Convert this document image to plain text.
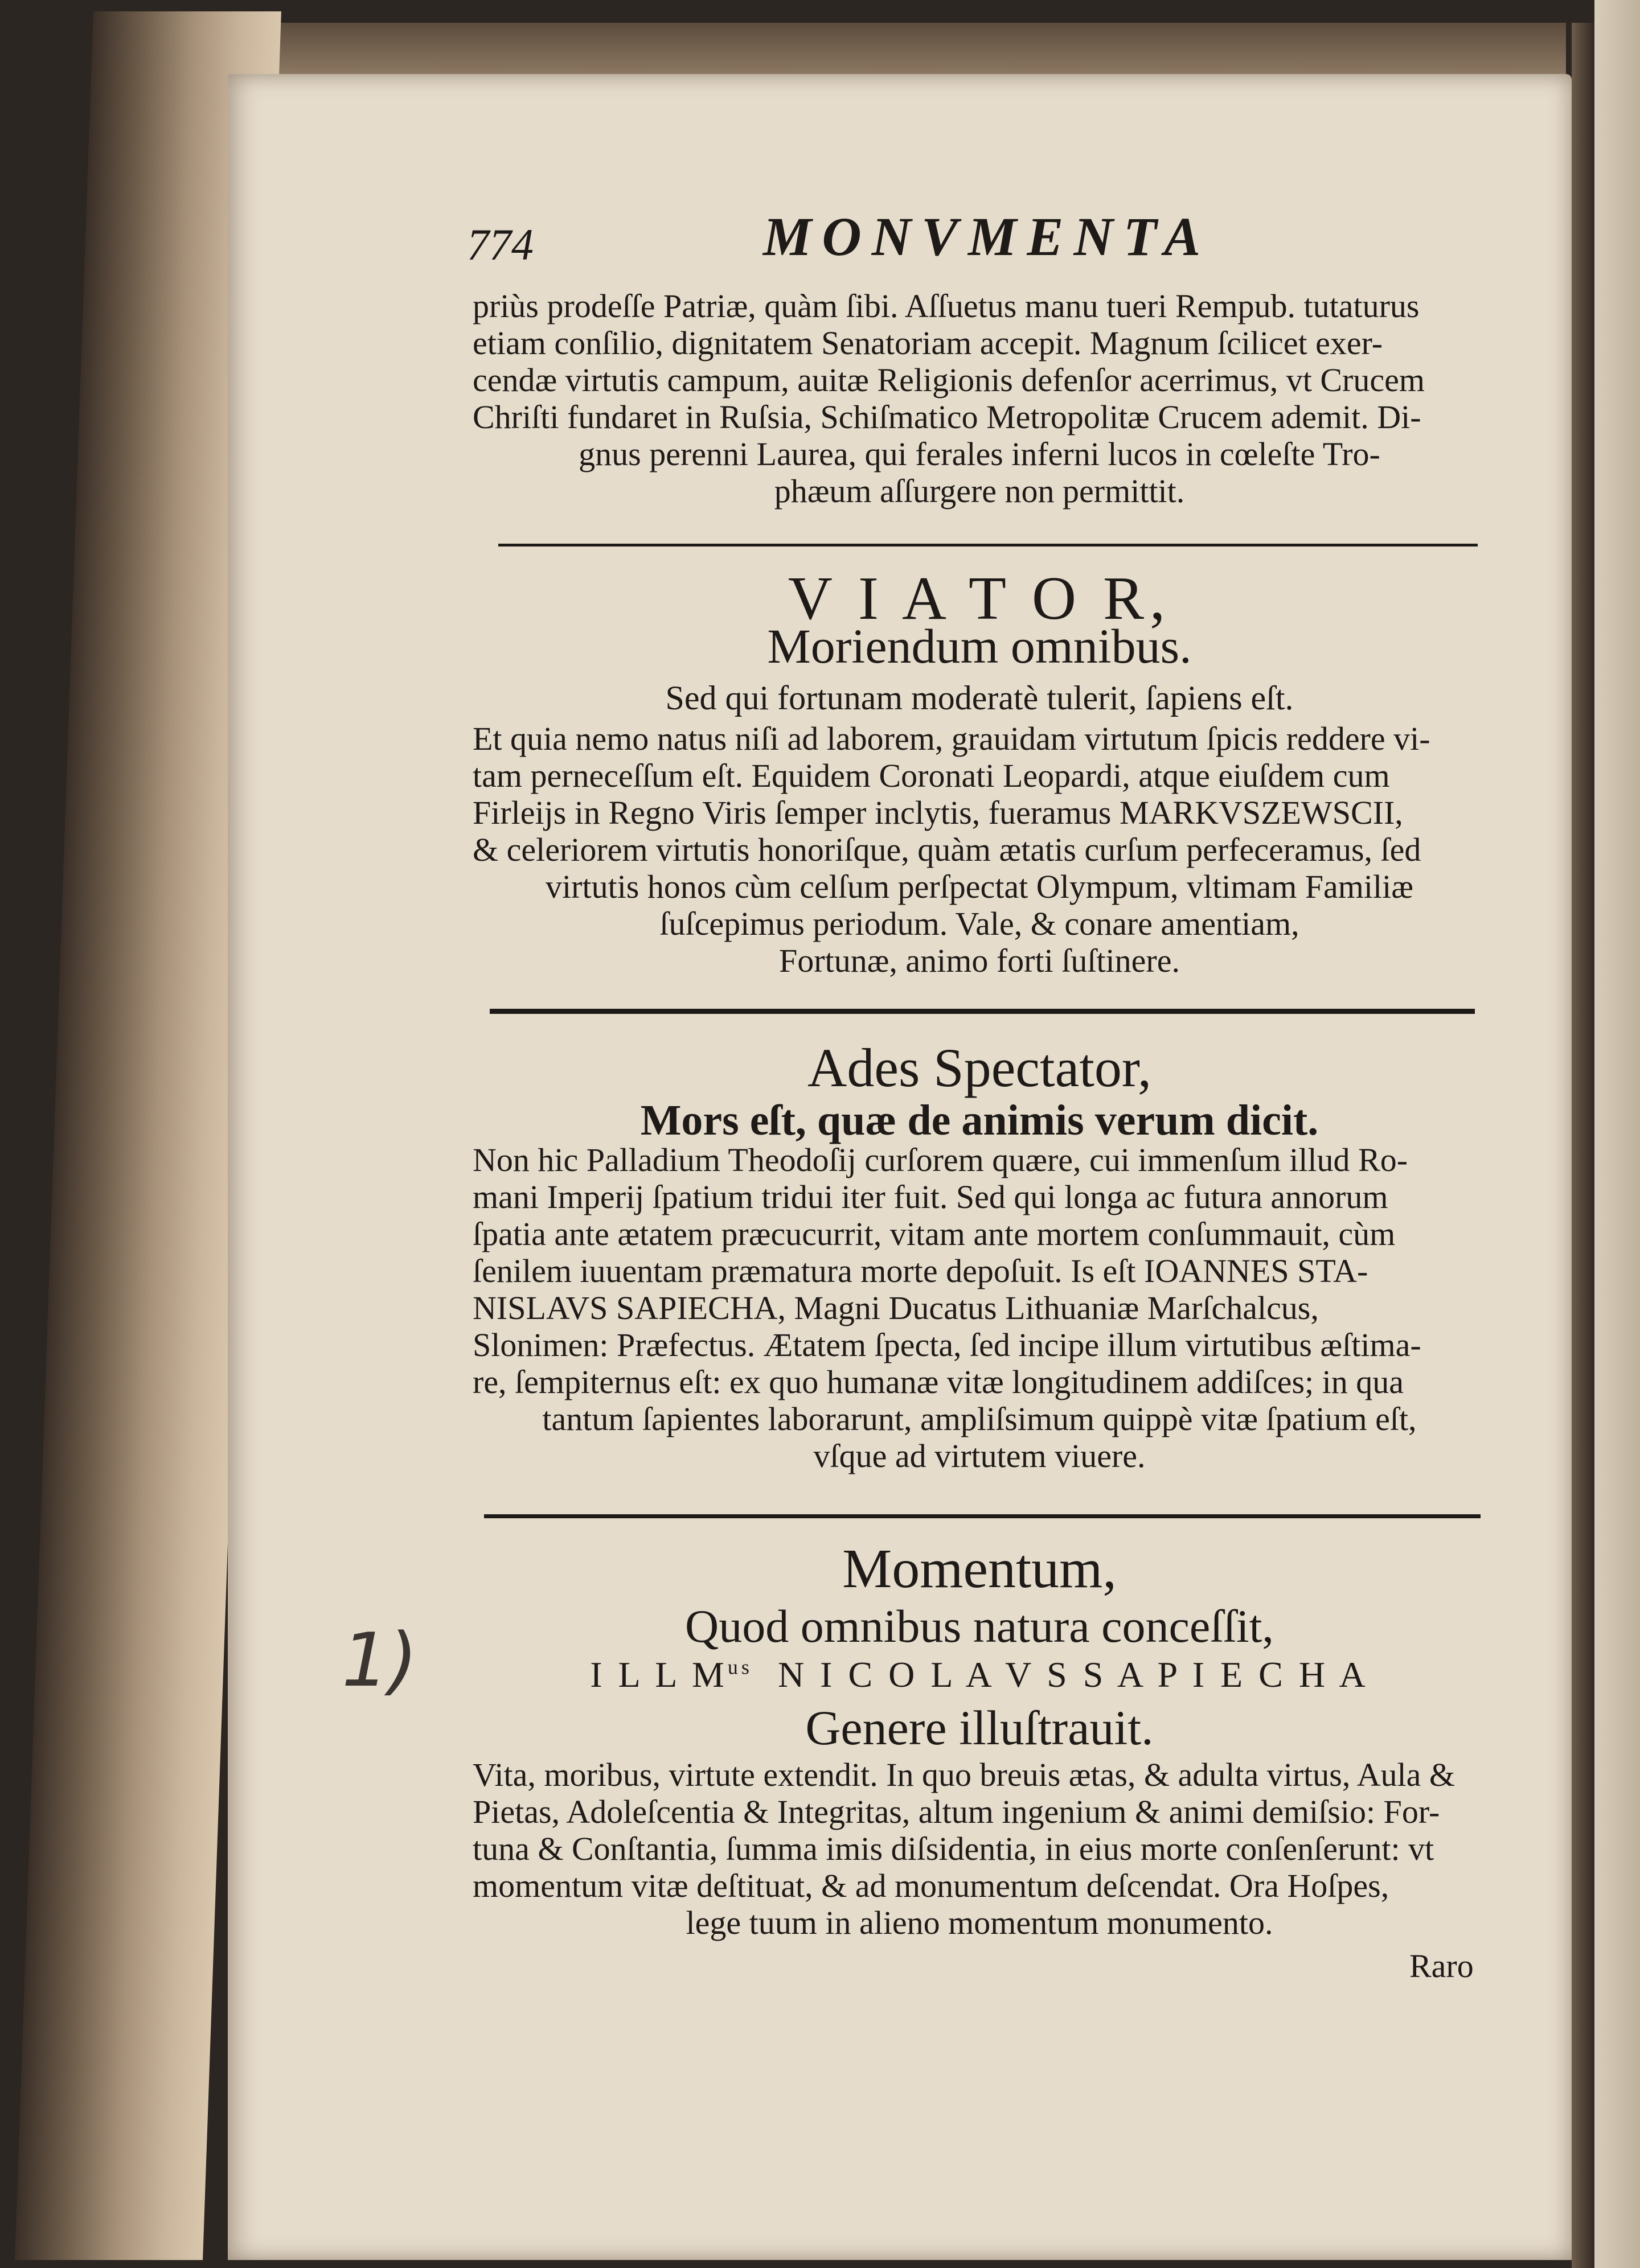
774	MONVMENTA
priùs prodeſſe Patriæ, quàm ſibi. Aſſuetus manu tueri Rempub. tutaturus
etiam conſilio, dignitatem Senatoriam accepit. Magnum ſcilicet exer-
cendæ virtutis campum, auitæ Religionis defenſor acerrimus, vt Crucem
Chriſti fundaret in Ruſsia, Schiſmatico Metropolitæ Crucem ademit. Di-
gnus perenni Laurea, qui ferales inferni lucos in cœleſte Tro-
phæum aſſurgere non permittit.
V I A T O R,
Moriendum omnibus.
Sed qui fortunam moderatè tulerit, ſapiens eſt.
Et quia nemo natus niſi ad laborem, grauidam virtutum ſpicis reddere vi-
tam perneceſſum eſt. Equidem Coronati Leopardi, atque eiuſdem cum
Firleijs in Regno Viris ſemper inclytis, fueramus MARKVSZEWSCII,
& celeriorem virtutis honoriſque, quàm ætatis curſum perfeceramus, ſed
virtutis honos cùm celſum perſpectat Olympum, vltimam Familiæ
ſuſcepimus periodum. Vale, & conare amentiam,
Fortunæ, animo forti ſuſtinere.
Ades Spectator,
Mors eſt, quæ de animis verum dicit.
Non hic Palladium Theodoſij curſorem quære, cui immenſum illud Ro-
mani Imperij ſpatium tridui iter fuit. Sed qui longa ac futura annorum
ſpatia ante ætatem præcucurrit, vitam ante mortem conſummauit, cùm
ſenilem iuuentam præmatura morte depoſuit. Is eſt IOANNES STA-
NISLAVS SAPIECHA, Magni Ducatus Lithuaniæ Marſchalcus,
Slonimen: Præfectus. Ætatem ſpecta, ſed incipe illum virtutibus æſtima-
re, ſempiternus eſt: ex quo humanæ vitæ longitudinem addiſces; in qua
tantum ſapientes laborarunt, ampliſsimum quippè vitæ ſpatium eſt,
vſque ad virtutem viuere.
Momentum,
Quod omnibus natura conceſſit,
I L L $M^{us}$ N I C O L A V S S A P I E C H A
Genere illuſtrauit.
Vita, moribus, virtute extendit. In quo breuis ætas, & adulta virtus, Aula &
Pietas, Adoleſcentia & Integritas, altum ingenium & animi demiſsio: For-
tuna & Conſtantia, ſumma imis diſsidentia, in eius morte conſenſerunt: vt
momentum vitæ deſtituat, & ad monumentum deſcendat. Ora Hoſpes,
lege tuum in alieno momentum monumento.
Raro
1)
